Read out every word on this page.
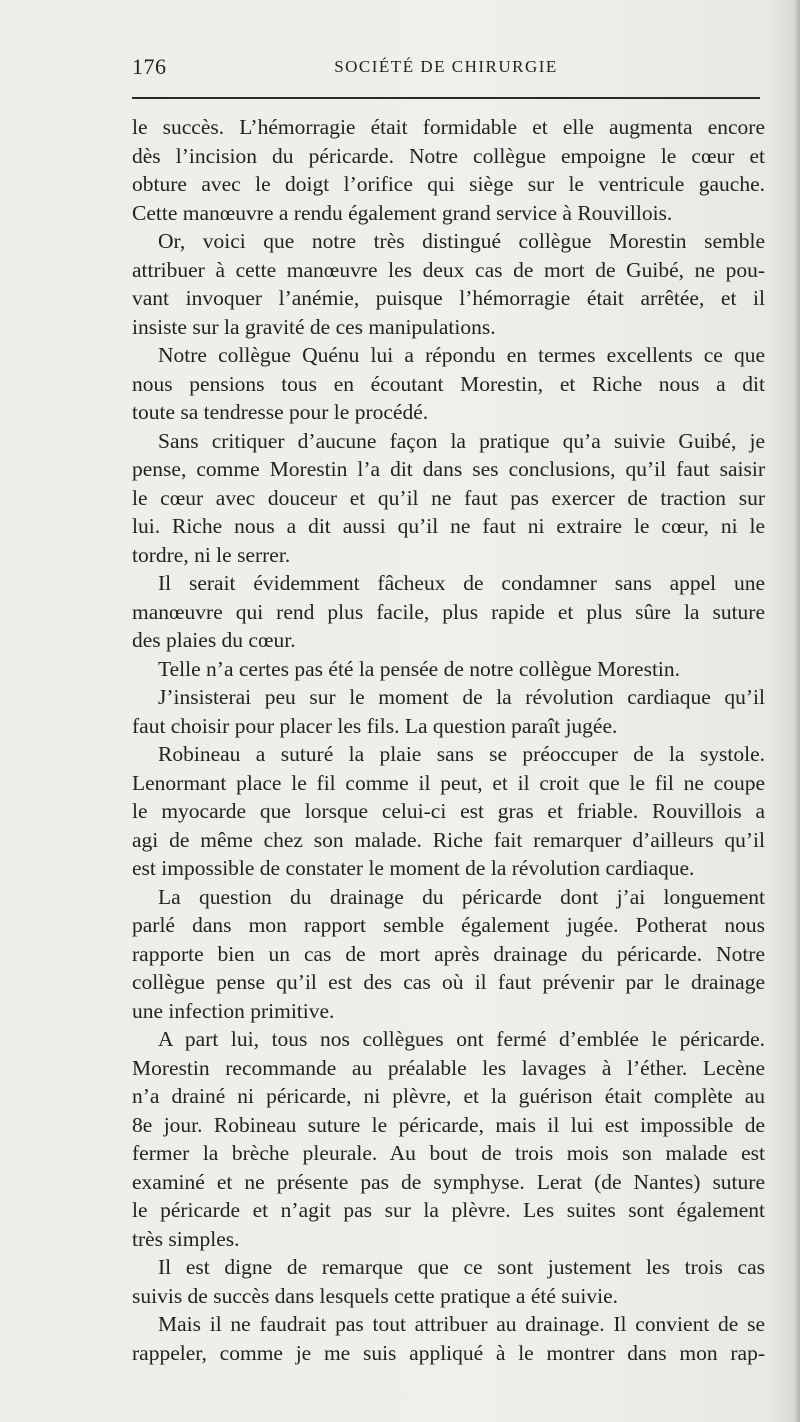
176	SOCIÉTÉ DE CHIRURGIE
le succès. L’hémorragie était formidable et elle augmenta encore
dès l’incision du péricarde. Notre collègue empoigne le cœur et
obture avec le doigt l’orifice qui siège sur le ventricule gauche.
Cette manœuvre a rendu également grand service à Rouvillois.
Or, voici que notre très distingué collègue Morestin semble
attribuer à cette manœuvre les deux cas de mort de Guibé, ne pou-
vant invoquer l’anémie, puisque l’hémorragie était arrêtée, et il
insiste sur la gravité de ces manipulations.
Notre collègue Quénu lui a répondu en termes excellents ce que
nous pensions tous en écoutant Morestin, et Riche nous a dit
toute sa tendresse pour le procédé.
Sans critiquer d’aucune façon la pratique qu’a suivie Guibé, je
pense, comme Morestin l’a dit dans ses conclusions, qu’il faut saisir
le cœur avec douceur et qu’il ne faut pas exercer de traction sur
lui. Riche nous a dit aussi qu’il ne faut ni extraire le cœur, ni le
tordre, ni le serrer.
Il serait évidemment fâcheux de condamner sans appel une
manœuvre qui rend plus facile, plus rapide et plus sûre la suture
des plaies du cœur.
Telle n’a certes pas été la pensée de notre collègue Morestin.
J’insisterai peu sur le moment de la révolution cardiaque qu’il
faut choisir pour placer les fils. La question paraît jugée.
Robineau a suturé la plaie sans se préoccuper de la systole.
Lenormant place le fil comme il peut, et il croit que le fil ne coupe
le myocarde que lorsque celui-ci est gras et friable. Rouvillois a
agi de même chez son malade. Riche fait remarquer d’ailleurs qu’il
est impossible de constater le moment de la révolution cardiaque.
La question du drainage du péricarde dont j’ai longuement
parlé dans mon rapport semble également jugée. Potherat nous
rapporte bien un cas de mort après drainage du péricarde. Notre
collègue pense qu’il est des cas où il faut prévenir par le drainage
une infection primitive.
A part lui, tous nos collègues ont fermé d’emblée le péricarde.
Morestin recommande au préalable les lavages à l’éther. Lecène
n’a drainé ni péricarde, ni plèvre, et la guérison était complète au
8e jour. Robineau suture le péricarde, mais il lui est impossible de
fermer la brèche pleurale. Au bout de trois mois son malade est
examiné et ne présente pas de symphyse. Lerat (de Nantes) suture
le péricarde et n’agit pas sur la plèvre. Les suites sont également
très simples.
Il est digne de remarque que ce sont justement les trois cas
suivis de succès dans lesquels cette pratique a été suivie.
Mais il ne faudrait pas tout attribuer au drainage. Il convient de se
rappeler, comme je me suis appliqué à le montrer dans mon rap-
